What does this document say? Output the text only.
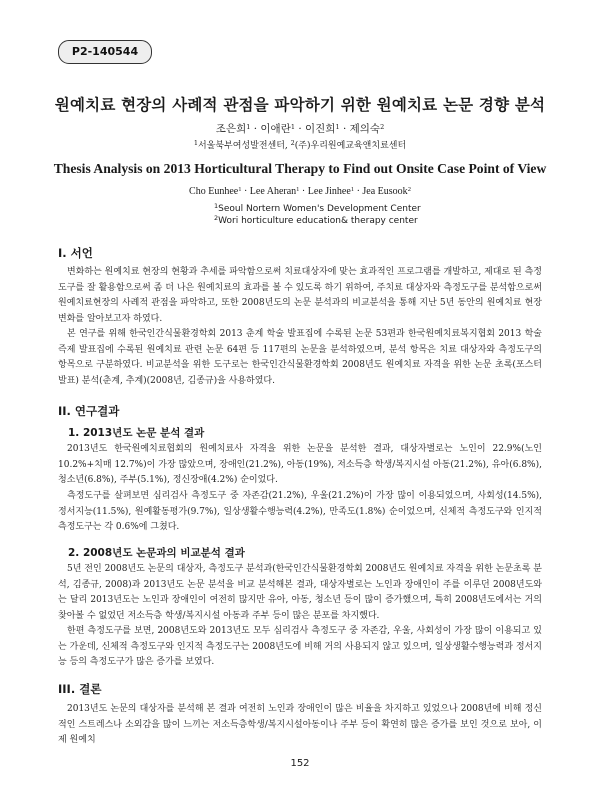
P2-140544
원예치료 현장의 사례적 관점을 파악하기 위한 원예치료 논문 경향 분석
조은희$^1$ · 이애란$^1$ · 이진희$^1$ · 제의숙$^2$
$^1$서울북부여성발전센터, $^2$(주)우리원예교육앤치료센터
Thesis Analysis on 2013 Horticultural Therapy to Find out Onsite Case Point of View
Cho Eunhee$^1$ · Lee Aheran$^1$ · Lee Jinhee$^1$ · Jea Eusook$^2$
$^1$Seoul Nortern Women's Development Center
$^2$Wori horticulture education& therapy center
I. 서언

변화하는 원예치료 현장의 현황과 추세를 파악함으로써 치료대상자에 맞는 효과적인 프로그램를 개발하고, 제대로 된 측정도구를 잘 활용함으로써 좀 더 나은 원예치료의 효과를 볼 수 있도록 하기 위하여, 주치료 대상자와 측정도구를 분석함으로써 원예치료현장의 사례적 관점을 파악하고, 또한 2008년도의 논문 분석과의 비교분석을 통해 지난 5년 동안의 원예치료 현장 변화를 알아보고자 하였다.

본 연구를 위해 한국인간식물환경학회 2013 춘계 학술 발표집에 수록된 논문 53편과 한국원예치료복지협회 2013 학술즉제 발표집에 수록된 원예치료 관련 논문 64편 등 117편의 논문을 분석하였으며, 분석 항목은 치료 대상자와 측정도구의 항목으로 구분하였다. 비교분석을 위한 도구로는 한국인간식물환경학회 2008년도 원예치료 자격을 위한 논문 초록(포스터발표) 분석(춘계, 추계)(2008년, 김종규)을 사용하였다.

II. 연구결과
1. 2013년도 논문 분석 결과

2013년도 한국원예치료협회의 원예치료사 자격을 위한 논문을 분석한 결과, 대상자별로는 노인이 22.9%(노인 10.2%+치매 12.7%)이 가장 많았으며, 장애인(21.2%), 아동(19%), 저소득층 학생/복지시설 아동(21.2%), 유아(6.8%), 청소년(6.8%), 주부(5.1%), 정신장애(4.2%) 순이었다.

측정도구를 살펴보면 심리검사 측정도구 중 자존감(21.2%), 우울(21.2%)이 가장 많이 이용되었으며, 사회성(14.5%), 정서지능(11.5%), 원예활동평가(9.7%), 일상생활수행능력(4.2%), 만족도(1.8%) 순이었으며, 신체적 측정도구와 인지적 측정도구는 각 0.6%에 그쳤다.

2. 2008년도 논문과의 비교분석 결과

5년 전인 2008년도 논문의 대상자, 측정도구 분석과(한국인간식물환경학회 2008년도 원예치료 자격을 위한 논문초록 분석, 김종규, 2008)과 2013년도 논문 분석을 비교 분석해본 결과, 대상자별로는 노인과 장애인이 주를 이루던 2008년도와는 달리 2013년도는 노인과 장애인이 여전히 많지만 유아, 아동, 청소년 등이 많이 증가했으며, 특히 2008년도에서는 거의 찾아볼 수 없었던 저소득층 학생/복지시설 아동과 주부 등이 많은 분포를 차지했다.

한편 측정도구를 보면, 2008년도와 2013년도 모두 심리검사 측정도구 중 자존감, 우울, 사회성이 가장 많이 이용되고 있는 가운데, 신체적 측정도구와 인지적 측정도구는 2008년도에 비해 거의 사용되지 않고 있으며, 일상생활수행능력과 정서지능 등의 측정도구가 많은 증가를 보였다.

III. 결론

2013년도 논문의 대상자를 분석해 본 결과 여전히 노인과 장애인이 많은 비율을 차지하고 있었으나 2008년에 비해 정신적인 스트레스나 소외감을 많이 느끼는 저소득층학생/복지시설아동이나 주부 등이 확연히 많은 증가를 보인 것으로 보아, 이제 원예치

152
